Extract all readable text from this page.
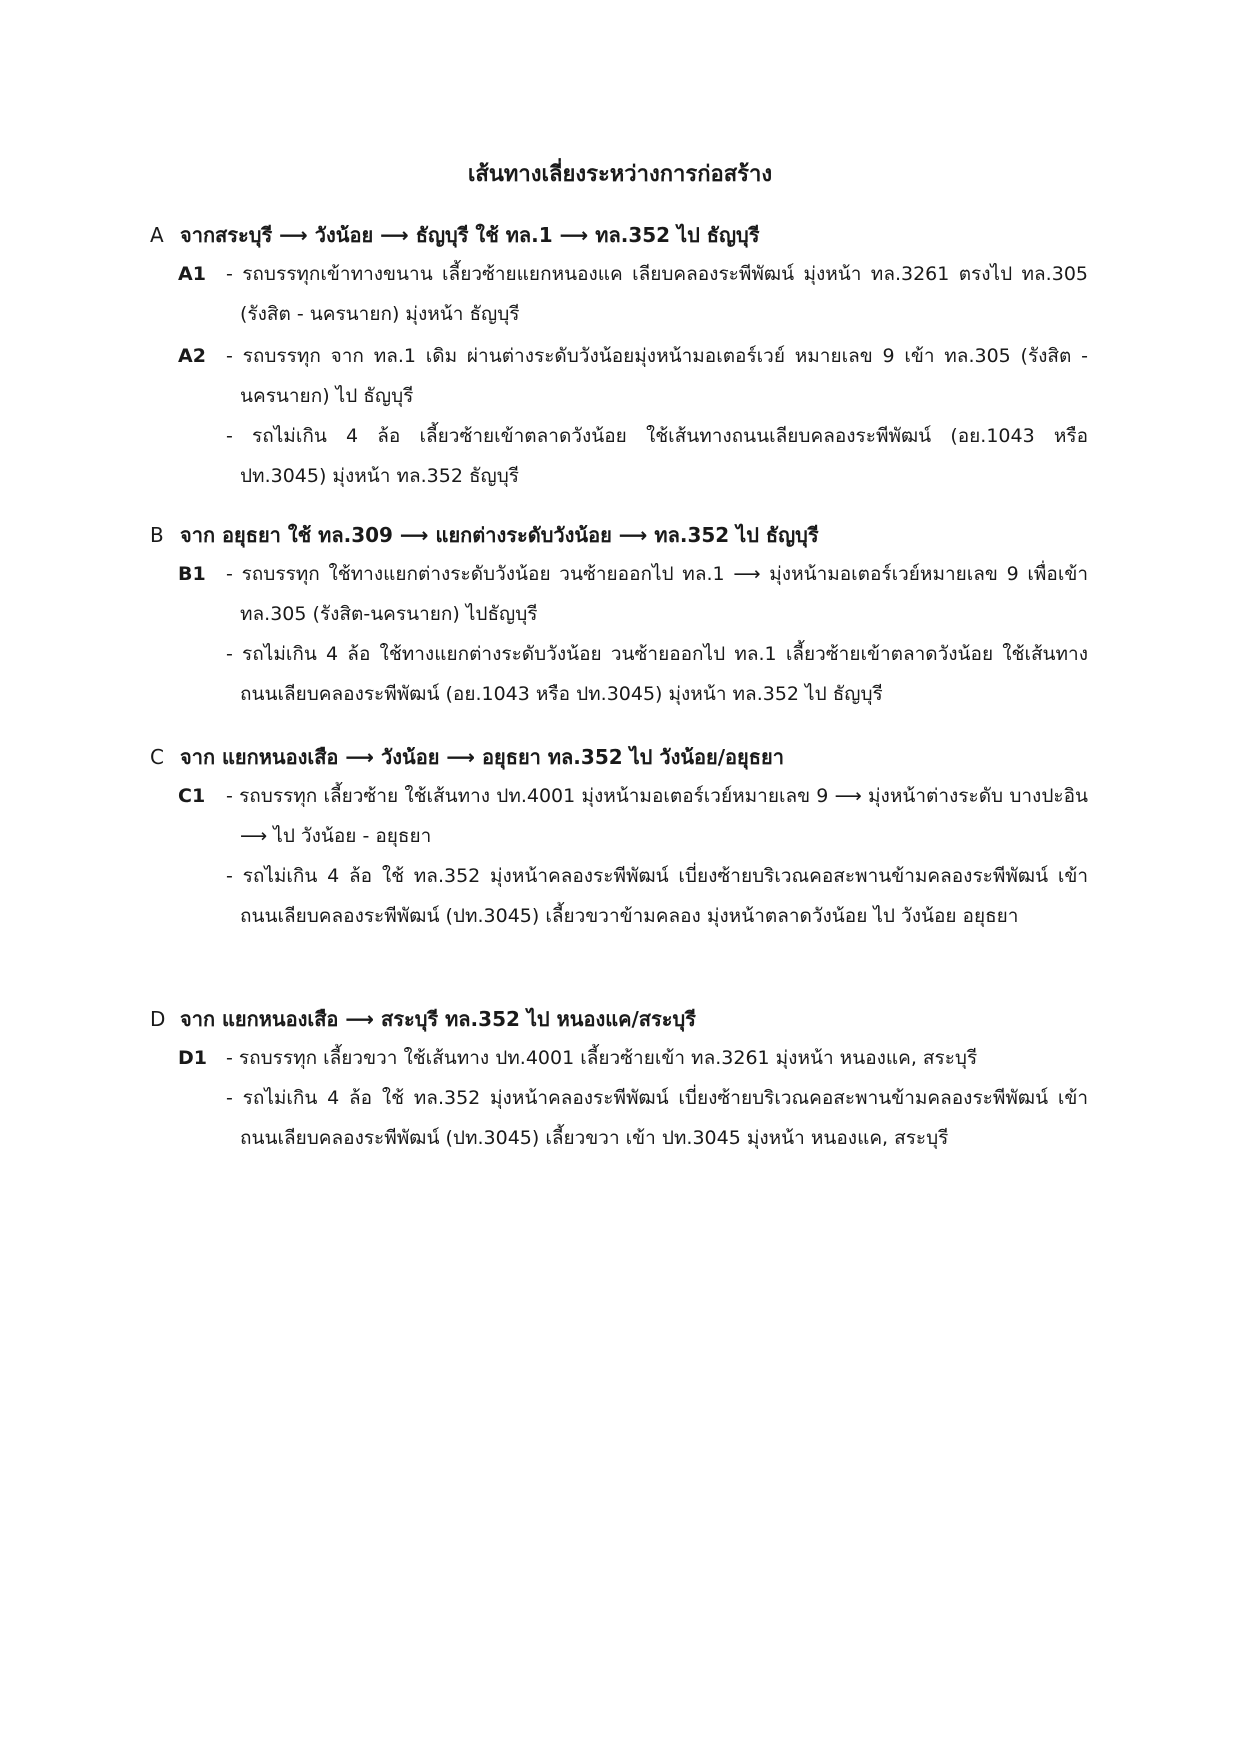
เส้นทางเลี่ยงระหว่างการก่อสร้าง
A จากสระบุรี ⟶ วังน้อย ⟶ ธัญบุรี ใช้ ทล.1 ⟶ ทล.352 ไป ธัญบุรี
A1	- รถบรรทุกเข้าทางขนาน เลี้ยวซ้ายแยกหนองแค เลียบคลองระพีพัฒน์ มุ่งหน้า ทล.3261 ตรงไป ทล.305 (รังสิต - นครนายก) มุ่งหน้า ธัญบุรี
A2	- รถบรรทุก จาก ทล.1 เดิม ผ่านต่างระดับวังน้อยมุ่งหน้ามอเตอร์เวย์ หมายเลข 9 เข้า ทล.305 (รังสิต - นครนายก) ไป ธัญบุรี
- รถไม่เกิน 4 ล้อ เลี้ยวซ้ายเข้าตลาดวังน้อย ใช้เส้นทางถนนเลียบคลองระพีพัฒน์ (อย.1043 หรือ ปท.3045) มุ่งหน้า ทล.352 ธัญบุรี
B จาก อยุธยา ใช้ ทล.309 ⟶ แยกต่างระดับวังน้อย ⟶ ทล.352 ไป ธัญบุรี
B1	- รถบรรทุก ใช้ทางแยกต่างระดับวังน้อย วนซ้ายออกไป ทล.1 ⟶ มุ่งหน้ามอเตอร์เวย์หมายเลข 9 เพื่อเข้า ทล.305 (รังสิต-นครนายก) ไปธัญบุรี
- รถไม่เกิน 4 ล้อ ใช้ทางแยกต่างระดับวังน้อย วนซ้ายออกไป ทล.1 เลี้ยวซ้ายเข้าตลาดวังน้อย ใช้เส้นทางถนนเลียบคลองระพีพัฒน์ (อย.1043 หรือ ปท.3045) มุ่งหน้า ทล.352 ไป ธัญบุรี
C จาก แยกหนองเสือ ⟶ วังน้อย ⟶ อยุธยา ทล.352 ไป วังน้อย/อยุธยา
C1	- รถบรรทุก เลี้ยวซ้าย ใช้เส้นทาง ปท.4001 มุ่งหน้ามอเตอร์เวย์หมายเลข 9 ⟶ มุ่งหน้าต่างระดับ บางปะอิน ⟶ ไป วังน้อย - อยุธยา
- รถไม่เกิน 4 ล้อ ใช้ ทล.352 มุ่งหน้าคลองระพีพัฒน์ เบี่ยงซ้ายบริเวณคอสะพานข้ามคลองระพีพัฒน์ เข้าถนนเลียบคลองระพีพัฒน์ (ปท.3045) เลี้ยวขวาข้ามคลอง มุ่งหน้าตลาดวังน้อย ไป วังน้อย อยุธยา
D จาก แยกหนองเสือ ⟶ สระบุรี ทล.352 ไป หนองแค/สระบุรี
D1	- รถบรรทุก เลี้ยวขวา ใช้เส้นทาง ปท.4001 เลี้ยวซ้ายเข้า ทล.3261 มุ่งหน้า หนองแค, สระบุรี
- รถไม่เกิน 4 ล้อ ใช้ ทล.352 มุ่งหน้าคลองระพีพัฒน์ เบี่ยงซ้ายบริเวณคอสะพานข้ามคลองระพีพัฒน์ เข้าถนนเลียบคลองระพีพัฒน์ (ปท.3045) เลี้ยวขวา เข้า ปท.3045 มุ่งหน้า หนองแค, สระบุรี
